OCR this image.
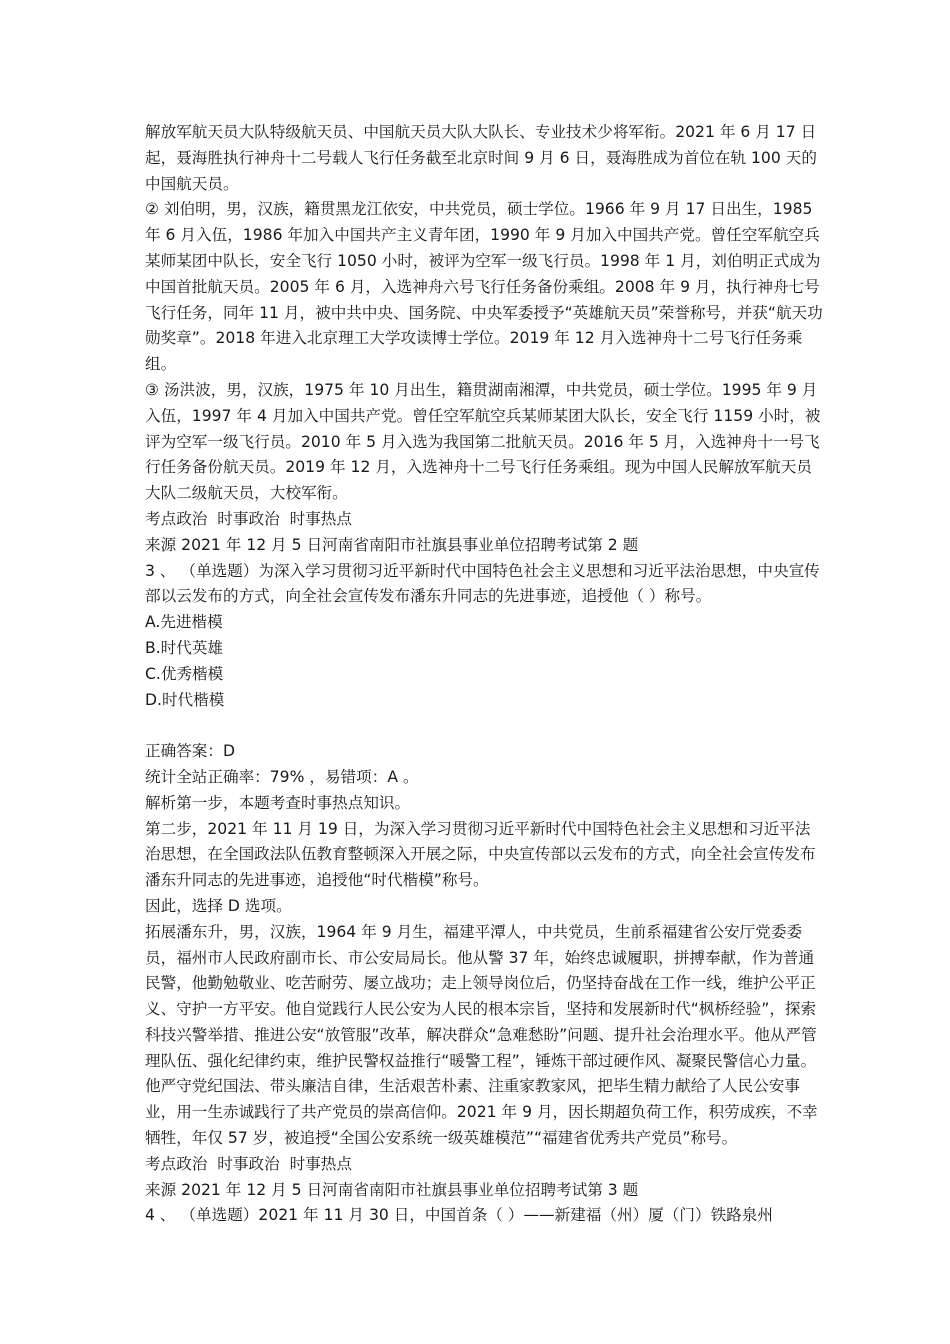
解放军航天员大队特级航天员、中国航天员大队大队长、专业技术少将军衔。2021 年 6 月 17 日起，聂海胜执行神舟十二号载人飞行任务截至北京时间 9 月 6 日，聂海胜成为首位在轨 100 天的中国航天员。

② 刘伯明，男，汉族，籍贯黑龙江依安，中共党员，硕士学位。1966 年 9 月 17 日出生，1985 年 6 月入伍，1986 年加入中国共产主义青年团，1990 年 9 月加入中国共产党。曾任空军航空兵某师某团中队长，安全飞行 1050 小时，被评为空军一级飞行员。1998 年 1 月，刘伯明正式成为中国首批航天员。2005 年 6 月，入选神舟六号飞行任务备份乘组。2008 年 9 月，执行神舟七号飞行任务，同年 11 月，被中共中央、国务院、中央军委授予“英雄航天员”荣誉称号，并获“航天功勋奖章”。2018 年进入北京理工大学攻读博士学位。2019 年 12 月入选神舟十二号飞行任务乘组。

③ 汤洪波，男，汉族，1975 年 10 月出生，籍贯湖南湘潭，中共党员，硕士学位。1995 年 9 月入伍，1997 年 4 月加入中国共产党。曾任空军航空兵某师某团大队长，安全飞行 1159 小时，被评为空军一级飞行员。2010 年 5 月入选为我国第二批航天员。2016 年 5 月，入选神舟十一号飞行任务备份航天员。2019 年 12 月，入选神舟十二号飞行任务乘组。现为中国人民解放军航天员大队二级航天员，大校军衔。

考点政治  时事政治  时事热点

来源 2021 年 12 月 5 日河南省南阳市社旗县事业单位招聘考试第 2 题

3 、 （单选题）为深入学习贯彻习近平新时代中国特色社会主义思想和习近平法治思想，中央宣传部以云发布的方式，向全社会宣传发布潘东升同志的先进事迹，追授他（ ）称号。

A.先进楷模

B.时代英雄

C.优秀楷模

D.时代楷模

正确答案：D

统计全站正确率：79% ，易错项：A 。

解析第一步，本题考查时事热点知识。

第二步，2021 年 11 月 19 日，为深入学习贯彻习近平新时代中国特色社会主义思想和习近平法治思想，在全国政法队伍教育整顿深入开展之际，中央宣传部以云发布的方式，向全社会宣传发布潘东升同志的先进事迹，追授他“时代楷模”称号。

因此，选择 D 选项。

拓展潘东升，男，汉族，1964 年 9 月生，福建平潭人，中共党员，生前系福建省公安厅党委委员，福州市人民政府副市长、市公安局局长。他从警 37 年，始终忠诚履职，拼搏奉献，作为普通民警，他勤勉敬业、吃苦耐劳、屡立战功；走上领导岗位后，仍坚持奋战在工作一线，维护公平正义、守护一方平安。他自觉践行人民公安为人民的根本宗旨，坚持和发展新时代“枫桥经验”，探索科技兴警举措、推进公安“放管服”改革，解决群众“急难愁盼”问题、提升社会治理水平。他从严管理队伍、强化纪律约束，维护民警权益推行“暖警工程”，锤炼干部过硬作风、凝聚民警信心力量。他严守党纪国法、带头廉洁自律，生活艰苦朴素、注重家教家风，把毕生精力献给了人民公安事业，用一生赤诚践行了共产党员的崇高信仰。2021 年 9 月，因长期超负荷工作，积劳成疾，不幸牺牲，年仅 57 岁，被追授“全国公安系统一级英雄模范”“福建省优秀共产党员”称号。

考点政治  时事政治  时事热点

来源 2021 年 12 月 5 日河南省南阳市社旗县事业单位招聘考试第 3 题

4 、 （单选题）2021 年 11 月 30 日，中国首条（ ）——新建福（州）厦（门）铁路泉州
